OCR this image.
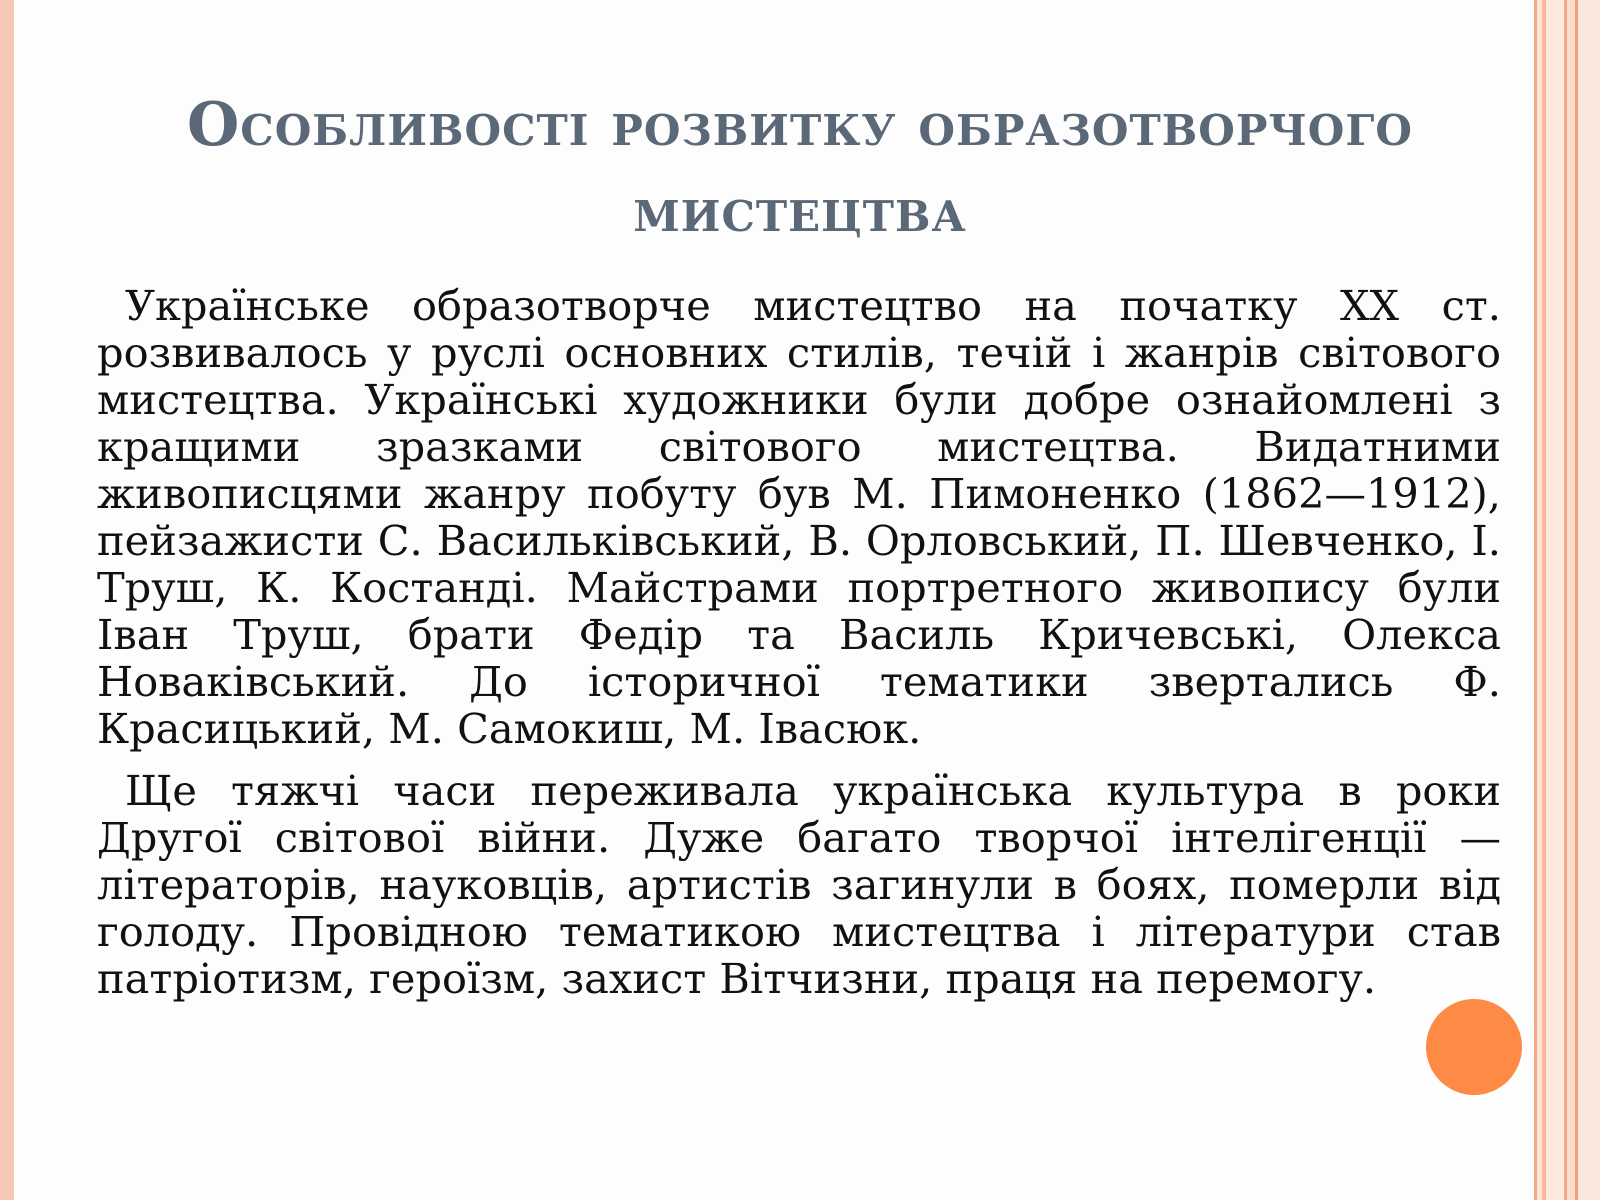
Особливості розвитку образотворчого мистецтва

Українське образотворче мистецтво на початку XX ст. розвивалось у руслі основних стилів, течій і жанрів світового мистецтва. Українські художники були добре ознайомлені з кращими зразками світового мистецтва. Видатними живописцями жанру побуту був М. Пимоненко (1862—1912), пейзажисти С. Васильківський, В. Орловський, П. Шевченко, І. Труш, К. Костанді. Майстрами портретного живопису були Іван Труш, брати Федір та Василь Кричевські, Олекса Новаківський. До історичної тематики звертались Ф. Красицький, М. Самокиш, М. Івасюк.

Ще тяжчі часи переживала українська культура в роки Другої світової війни. Дуже багато творчої інтелігенції — літераторів, науковців, артистів загинули в боях, померли від голоду. Провідною тематикою мистецтва і літератури став патріотизм, героїзм, захист Вітчизни, праця на перемогу.
